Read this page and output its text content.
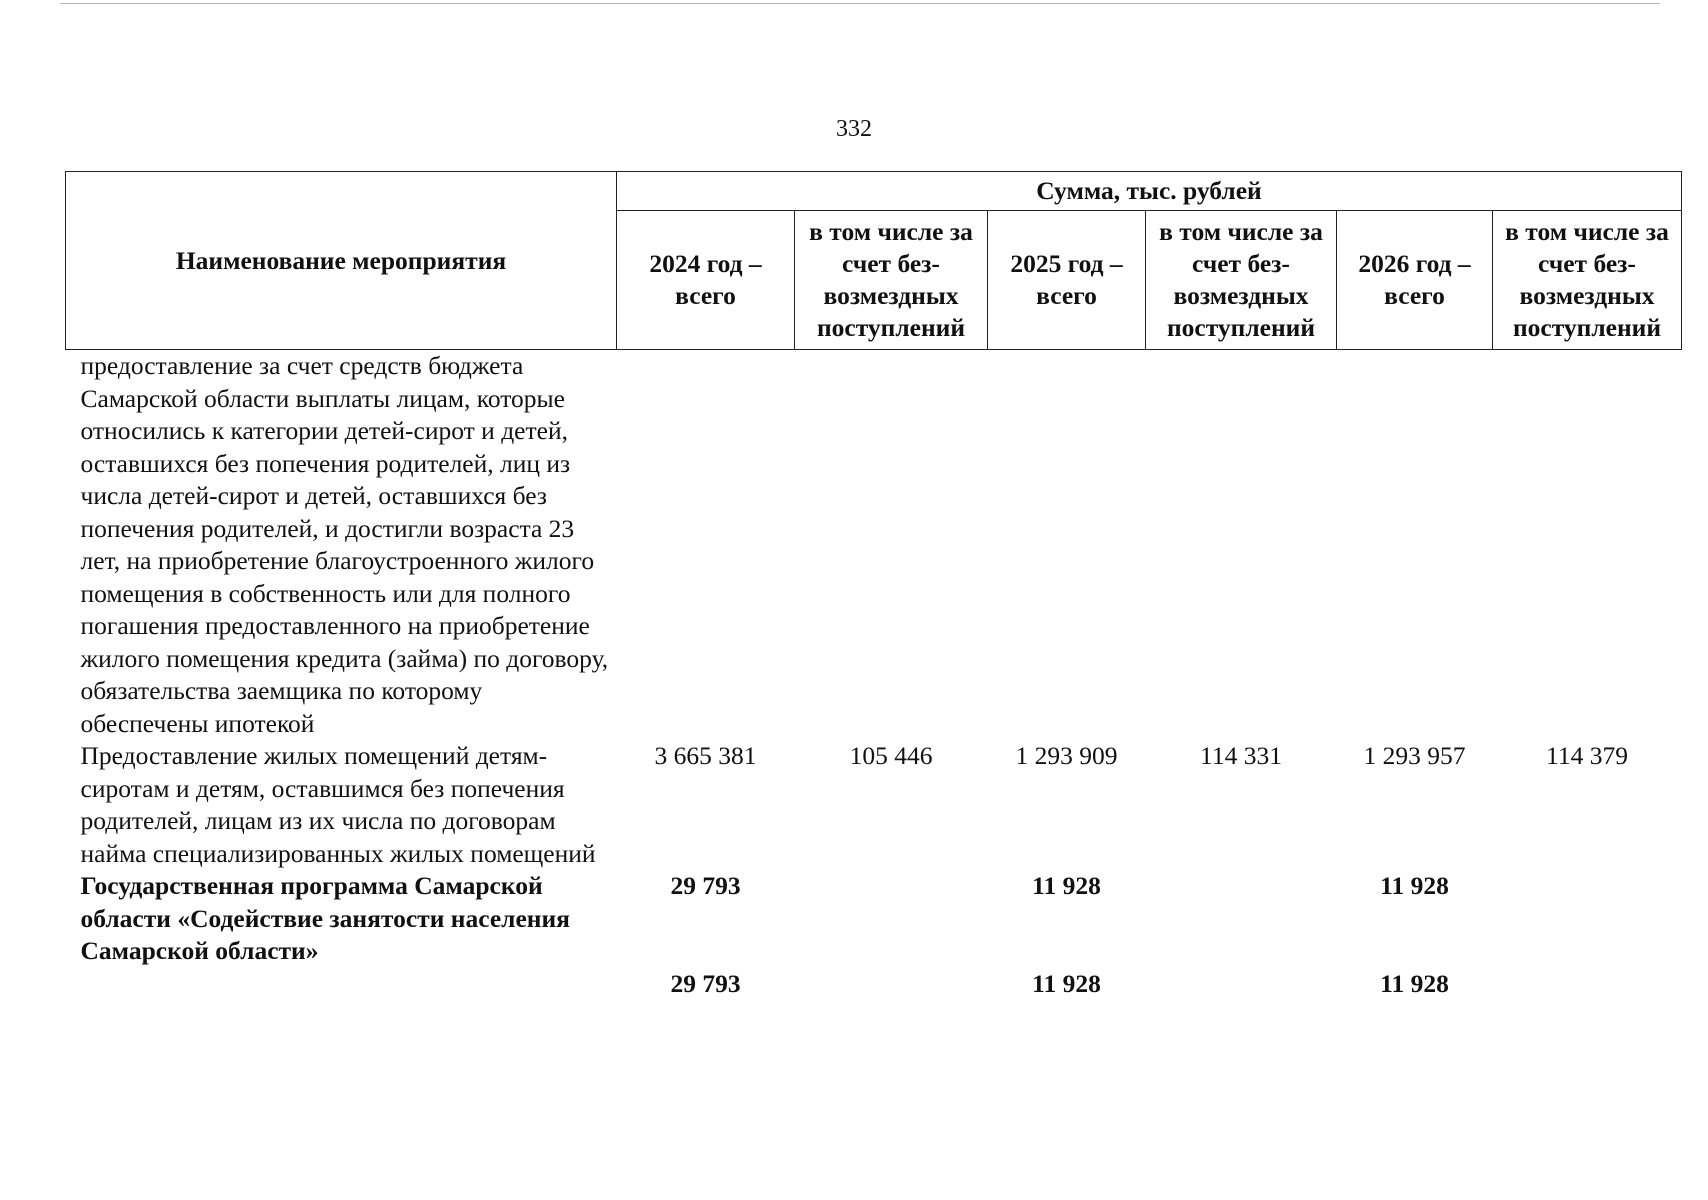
332
Наименование мероприятия	Сумма, тыс. рублей					
	2024 год – всего	в том числе за счет без-возмездных поступлений	2025 год – всего	в том числе за счет без-возмездных поступлений	2026 год – всего	в том числе за счет без-возмездных поступлений
предоставление за счет средств бюджета Самарской области выплаты лицам, которые относились к категории детей-сирот и детей, оставшихся без попечения родителей, лиц из числа детей-сирот и детей, оставшихся без попечения родителей, и достигли возраста 23 лет, на приобретение благоустроенного жилого помещения в собственность или для полного погашения предоставленного на приобретение жилого помещения кредита (займа) по договору, обязательства заемщика по которому обеспечены ипотекой						
Предоставление жилых помещений детям-сиротам и детям, оставшимся без попечения родителей, лицам из их числа по договорам найма специализированных жилых помещений	3 665 381	105 446	1 293 909	114 331	1 293 957	114 379
Государственная программа Самарской области «Содействие занятости населения Самарской области»	29 793		11 928		11 928	
	29 793		11 928		11 928	
